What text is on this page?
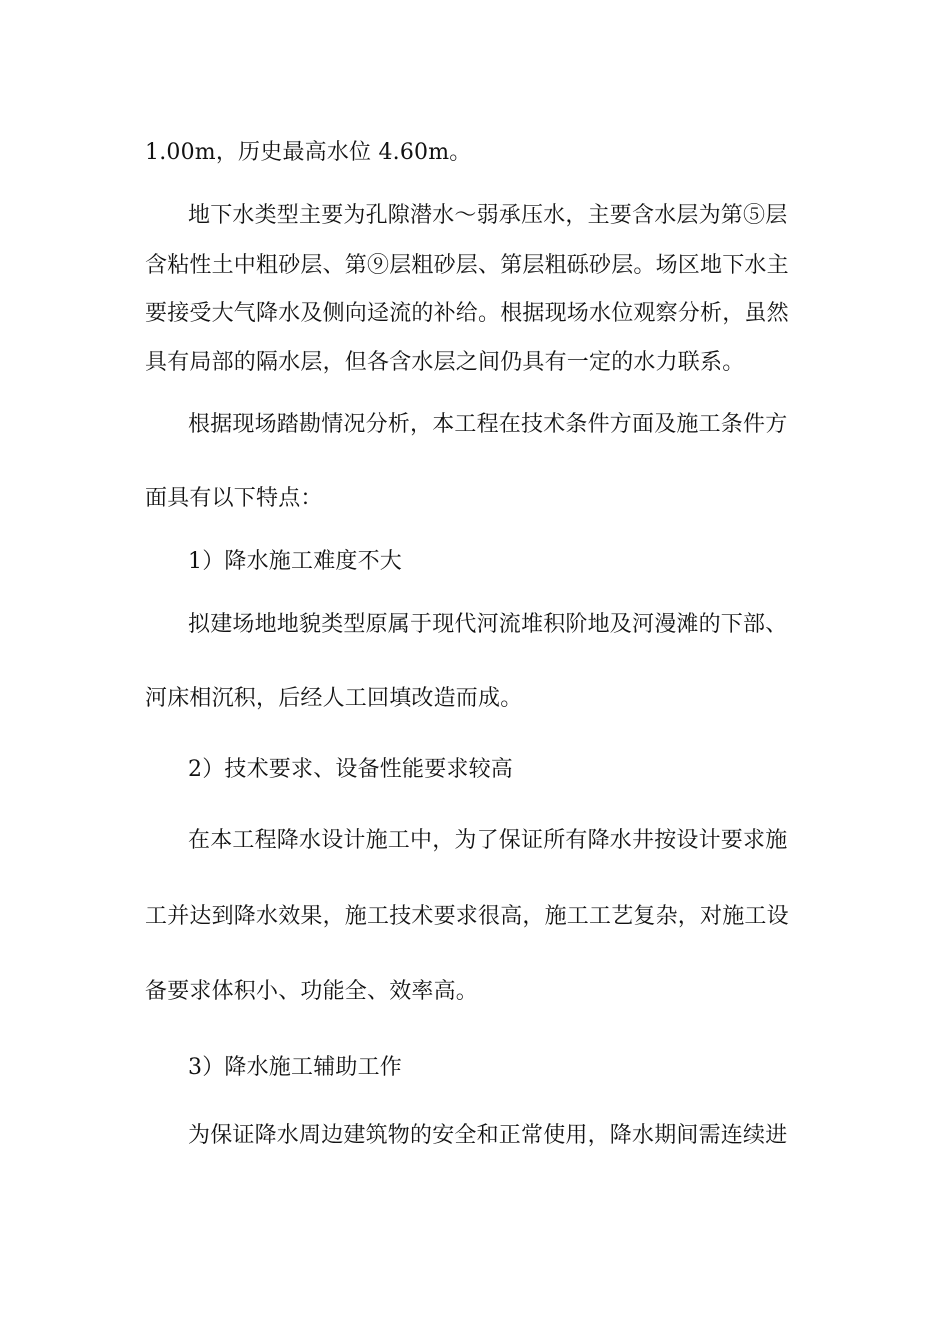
1.00m，历史最高水位 4.60m。
地下水类型主要为孔隙潜水～弱承压水，主要含水层为第⑤层
含粘性土中粗砂层、第⑨层粗砂层、第层粗砾砂层。场区地下水主
要接受大气降水及侧向迳流的补给。根据现场水位观察分析，虽然
具有局部的隔水层，但各含水层之间仍具有一定的水力联系。
根据现场踏勘情况分析，本工程在技术条件方面及施工条件方
面具有以下特点：
1）降水施工难度不大
拟建场地地貌类型原属于现代河流堆积阶地及河漫滩的下部、
河床相沉积，后经人工回填改造而成。
2）技术要求、设备性能要求较高
在本工程降水设计施工中，为了保证所有降水井按设计要求施
工并达到降水效果，施工技术要求很高，施工工艺复杂，对施工设
备要求体积小、功能全、效率高。
3）降水施工辅助工作
为保证降水周边建筑物的安全和正常使用，降水期间需连续进
